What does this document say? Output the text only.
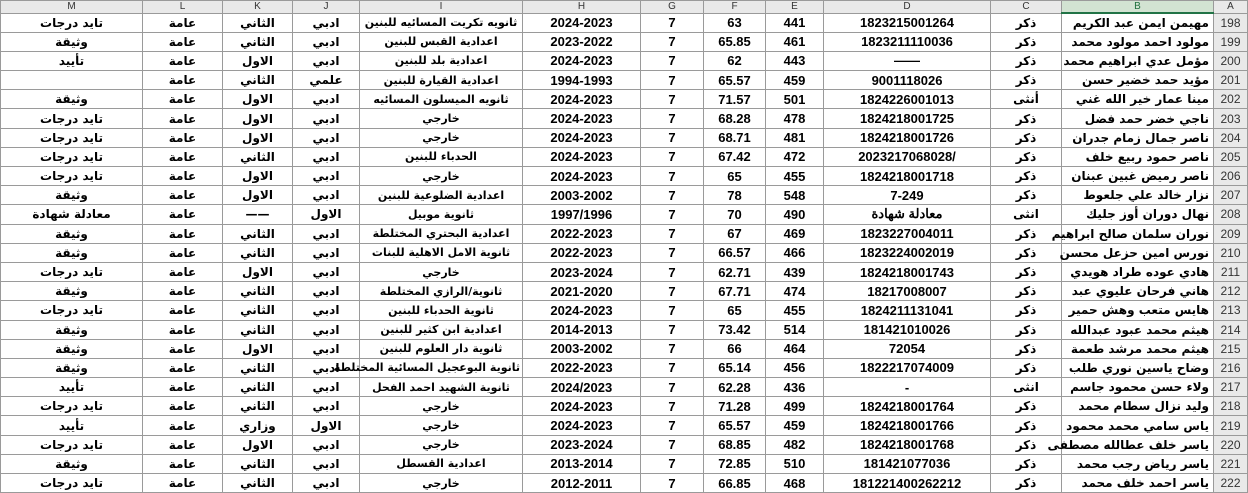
M	L	K	J	I	H	G	F	E	D	C	B	A
تايد درجات	عامة	الثاني	ادبي	ثانويه تكريت المسائيه للبنين	2024-2023	7	63	441	1823215001264	ذكر	مهيمن ايمن عبد الكريم	198
وثيقة	عامة	الثاني	ادبي	اعدادية القبس للبنين	2023-2022	7	65.85	461	1823211110036	ذكر	مولود احمد مولود محمد	199
تأييد	عامة	الاول	ادبي	اعدادية بلد للبنين	2024-2023	7	62	443	——	ذكر	مؤمل عدي ابراهيم محمد	200
	عامة	الثاني	علمي	اعدادية القيارة للبنين	1994-1993	7	65.57	459	9001118026	ذكر	مؤيد حمد خضير حسن	201
وثيقة	عامة	الاول	ادبي	ثانويه الميسلون المسائيه	2024-2023	7	71.57	501	1824226001013	أنثى	مينا عمار خير الله غني	202
تايد درجات	عامة	الاول	ادبي	خارجي	2024-2023	7	68.28	478	1824218001725	ذكر	ناجي خضر حمد فضل	203
تايد درجات	عامة	الاول	ادبي	خارجي	2024-2023	7	68.71	481	1824218001726	ذكر	ناصر جمال زمام جدران	204
تايد درجات	عامة	الثاني	ادبي	الحدباء للبنين	2024-2023	7	67.42	472	2023217068028/	ذكر	ناصر حمود ربيع خلف	205
تايد درجات	عامة	الاول	ادبي	خارجي	2024-2023	7	65	455	1824218001718	ذكر	ناصر رميض غبين عبنان	206
وثيقة	عامة	الاول	ادبي	اعدادية الضلوعية للبنين	2003-2002	7	78	548	7-249	ذكر	نزار خالد علي جلعوط	207
معادلة شهادة	عامة	——	الاول	ثانوية موبيل	1997/1996	7	70	490	معادلة شهادة	انثى	نهال دوران أوز جليك	208
وثيقة	عامة	الثاني	ادبي	اعدادية البحتري المختلطة	2022-2023	7	67	469	1823227004011	ذكر	نوران سلمان صالح ابراهيم	209
وثيقة	عامة	الثاني	ادبي	ثانوية الامل الاهلية للبنات	2022-2023	7	66.57	466	1823224002019	ذكر	نورس امين حزعل محسن	210
تايد درجات	عامة	الاول	ادبي	خارجي	2023-2024	7	62.71	439	1824218001743	ذكر	هادي عوده طراد هويدي	211
وثيقة	عامة	الثاني	ادبي	ثانوية/الرازي المختلطة	2021-2020	7	67.71	474	18217008007	ذكر	هاني فرحان عليوي عبد	212
تايد درجات	عامة	الثاني	ادبي	ثانوية الحدباء للبنين	2024-2023	7	65	455	1824211131041	ذكر	هايس متعب وهش حمير	213
وثيقة	عامة	الثاني	ادبي	اعدادية ابن كثير للبنين	2014-2013	7	73.42	514	181421010026	ذكر	هيثم محمد عبود عبدالله	214
وثيقة	عامة	الاول	ادبي	ثانوية دار العلوم للبنين	2003-2002	7	66	464	72054	ذكر	هيثم محمد مرشد طعمة	215
وثيقة	عامة	الثاني	ادبي	ثانوية البوعجيل المسائية المختلطة	2022-2023	7	65.14	456	1822217074009	ذكر	وضاح ياسين نوري طلب	216
تأييد	عامة	الثاني	ادبي	ثانوية الشهيد احمد الفحل	2024/2023	7	62.28	436	-	انثى	ولاء حسن محمود جاسم	217
تايد درجات	عامة	الثاني	ادبي	خارجي	2024-2023	7	71.28	499	1824218001764	ذكر	وليد نزال سطام محمد	218
تأييد	عامة	وزاري	الاول	خارجي	2024-2023	7	65.57	459	1824218001766	ذكر	ياس سامي محمد محمود	219
تايد درجات	عامة	الاول	ادبي	خارجي	2023-2024	7	68.85	482	1824218001768	ذكر	ياسر خلف عطالله مصطفى	220
وثيقة	عامة	الثاني	ادبي	اعدادية القسطل	2013-2014	7	72.85	510	181421077036	ذكر	ياسر رياض رجب محمد	221
تايد درجات	عامة	الثاني	ادبي	خارجي	2012-2011	7	66.85	468	181221400262212	ذكر	ياسر احمد خلف محمد	222
